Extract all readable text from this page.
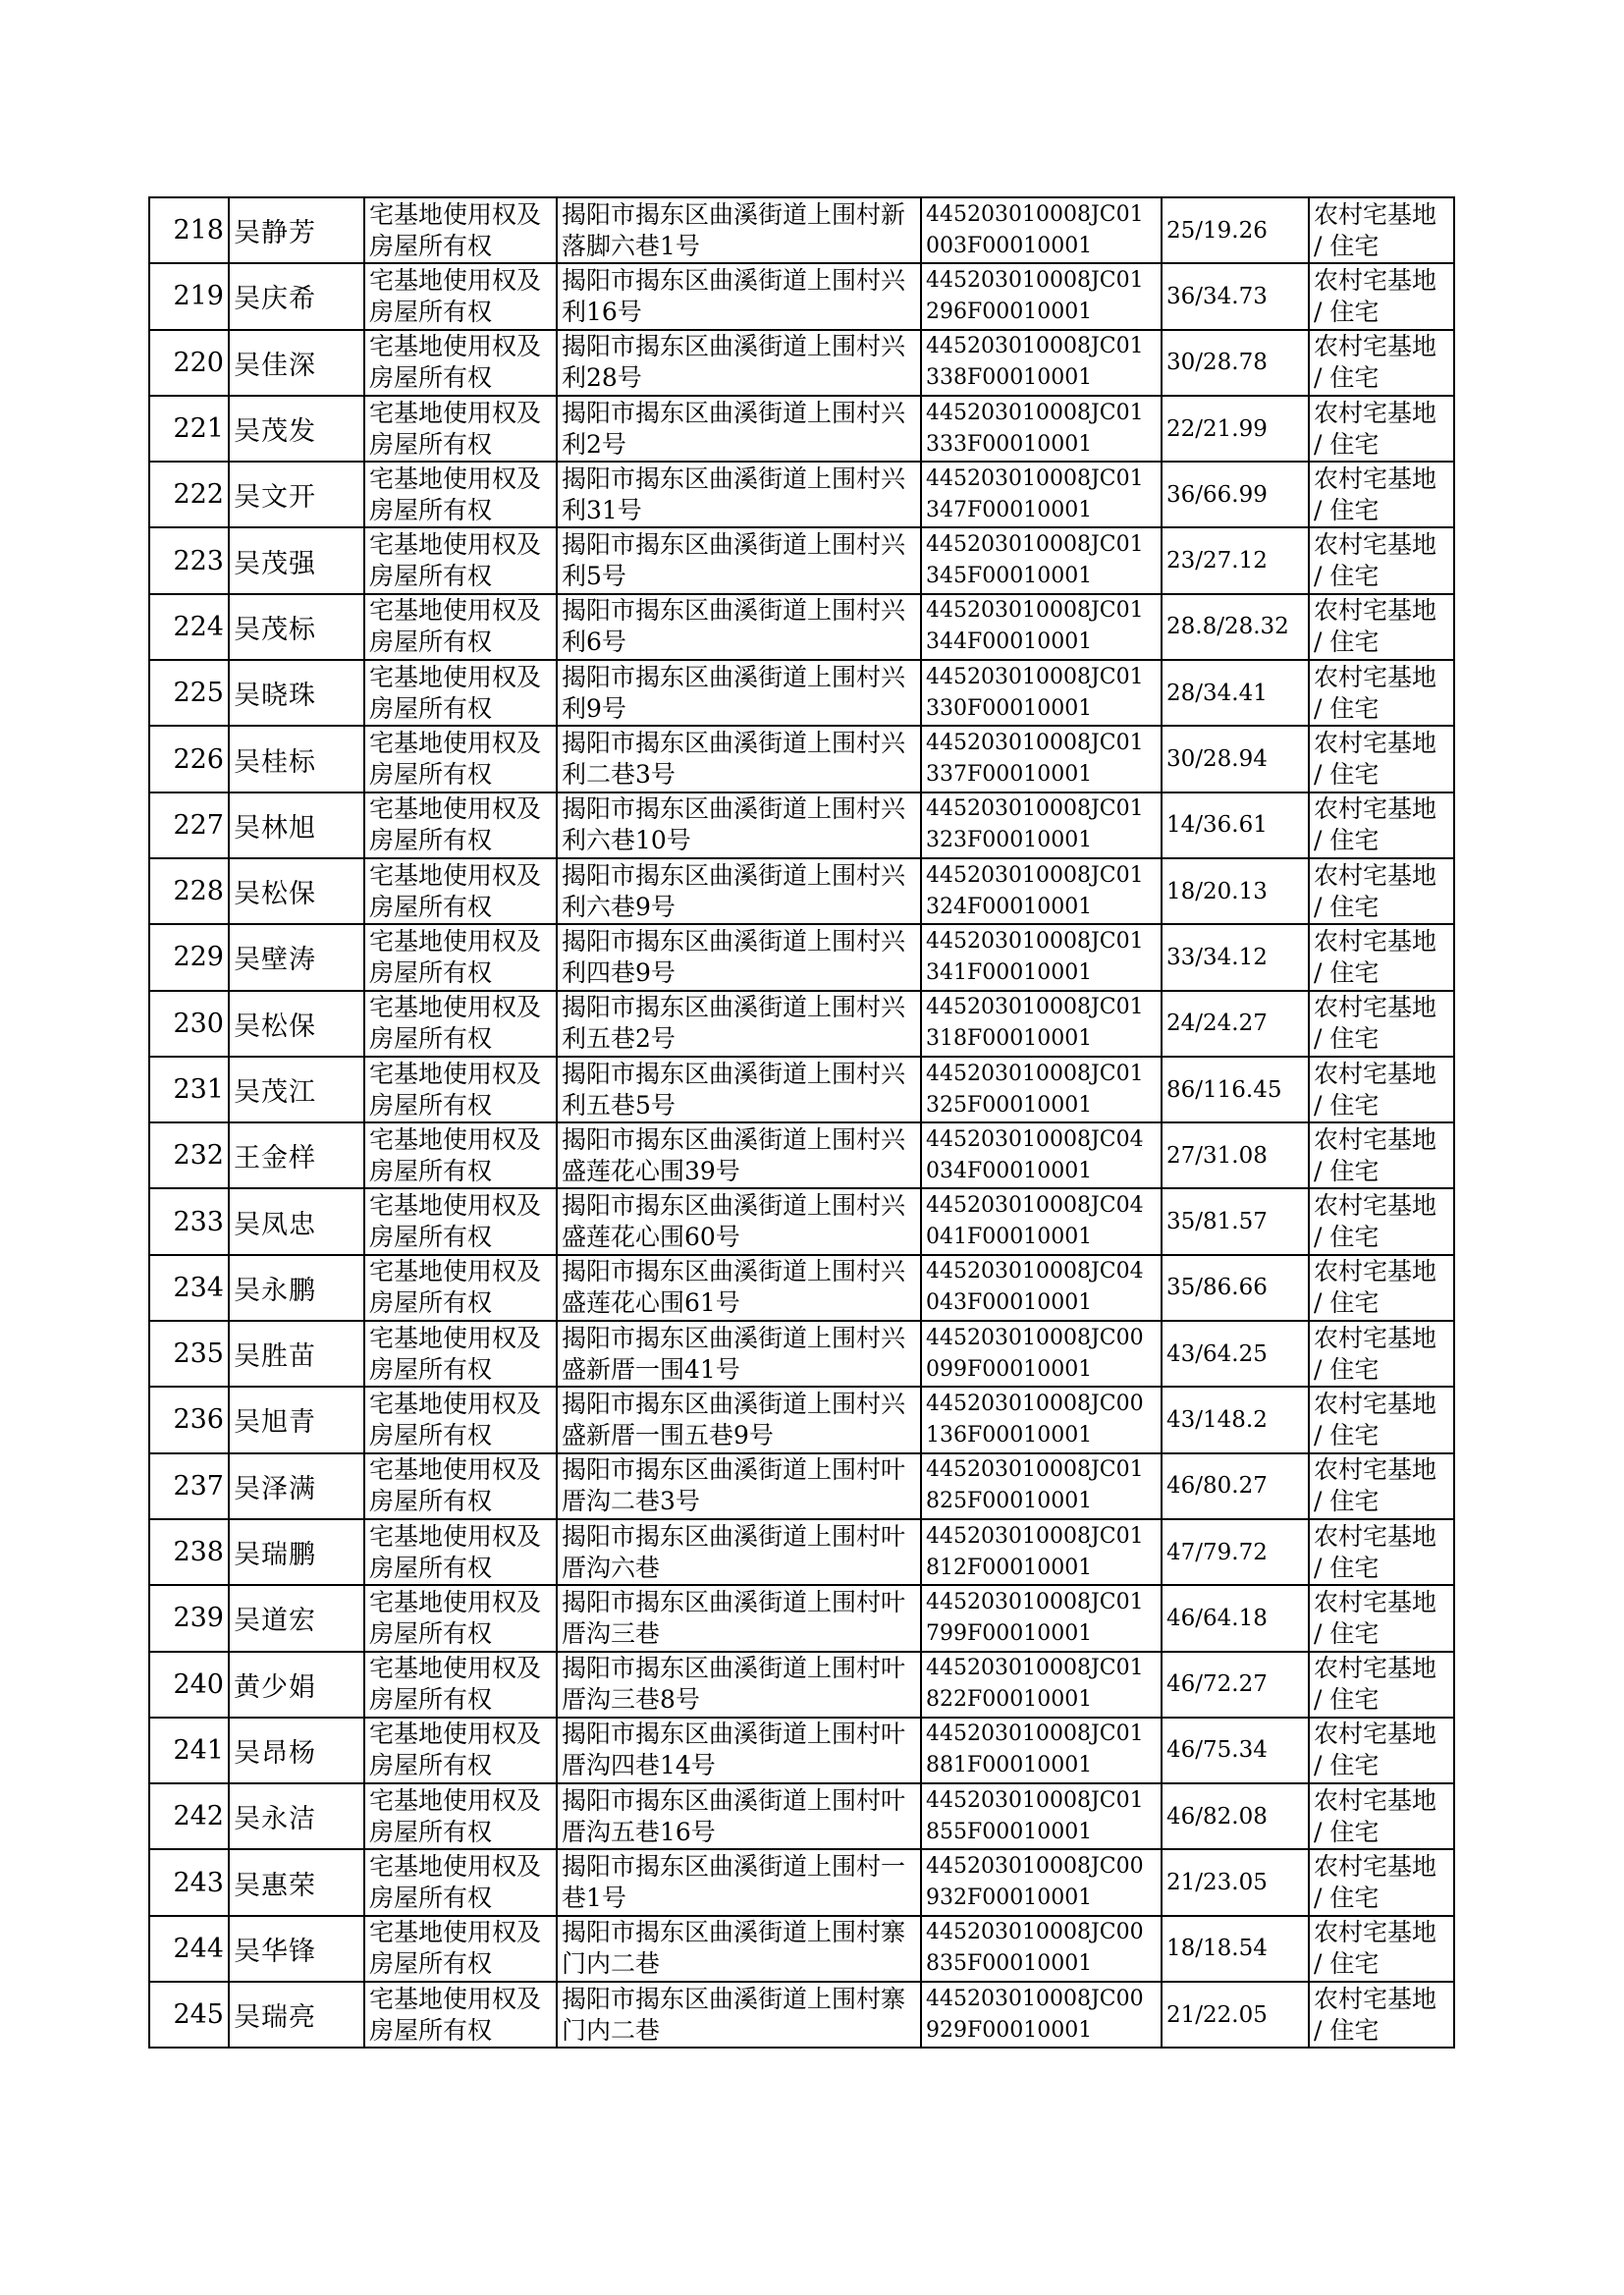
218	吴静芳	宅基地使用权及房屋所有权	揭阳市揭东区曲溪街道上围村新落脚六巷1号	445203010008JC01003F00010001	25/19.26	农村宅基地 / 住宅
219	吴庆希	宅基地使用权及房屋所有权	揭阳市揭东区曲溪街道上围村兴利16号	445203010008JC01296F00010001	36/34.73	农村宅基地 / 住宅
220	吴佳深	宅基地使用权及房屋所有权	揭阳市揭东区曲溪街道上围村兴利28号	445203010008JC01338F00010001	30/28.78	农村宅基地 / 住宅
221	吴茂发	宅基地使用权及房屋所有权	揭阳市揭东区曲溪街道上围村兴利2号	445203010008JC01333F00010001	22/21.99	农村宅基地 / 住宅
222	吴文开	宅基地使用权及房屋所有权	揭阳市揭东区曲溪街道上围村兴利31号	445203010008JC01347F00010001	36/66.99	农村宅基地 / 住宅
223	吴茂强	宅基地使用权及房屋所有权	揭阳市揭东区曲溪街道上围村兴利5号	445203010008JC01345F00010001	23/27.12	农村宅基地 / 住宅
224	吴茂标	宅基地使用权及房屋所有权	揭阳市揭东区曲溪街道上围村兴利6号	445203010008JC01344F00010001	28.8/28.32	农村宅基地 / 住宅
225	吴晓珠	宅基地使用权及房屋所有权	揭阳市揭东区曲溪街道上围村兴利9号	445203010008JC01330F00010001	28/34.41	农村宅基地 / 住宅
226	吴桂标	宅基地使用权及房屋所有权	揭阳市揭东区曲溪街道上围村兴利二巷3号	445203010008JC01337F00010001	30/28.94	农村宅基地 / 住宅
227	吴林旭	宅基地使用权及房屋所有权	揭阳市揭东区曲溪街道上围村兴利六巷10号	445203010008JC01323F00010001	14/36.61	农村宅基地 / 住宅
228	吴松保	宅基地使用权及房屋所有权	揭阳市揭东区曲溪街道上围村兴利六巷9号	445203010008JC01324F00010001	18/20.13	农村宅基地 / 住宅
229	吴壁涛	宅基地使用权及房屋所有权	揭阳市揭东区曲溪街道上围村兴利四巷9号	445203010008JC01341F00010001	33/34.12	农村宅基地 / 住宅
230	吴松保	宅基地使用权及房屋所有权	揭阳市揭东区曲溪街道上围村兴利五巷2号	445203010008JC01318F00010001	24/24.27	农村宅基地 / 住宅
231	吴茂江	宅基地使用权及房屋所有权	揭阳市揭东区曲溪街道上围村兴利五巷5号	445203010008JC01325F00010001	86/116.45	农村宅基地 / 住宅
232	王金样	宅基地使用权及房屋所有权	揭阳市揭东区曲溪街道上围村兴盛莲花心围39号	445203010008JC04034F00010001	27/31.08	农村宅基地 / 住宅
233	吴凤忠	宅基地使用权及房屋所有权	揭阳市揭东区曲溪街道上围村兴盛莲花心围60号	445203010008JC04041F00010001	35/81.57	农村宅基地 / 住宅
234	吴永鹏	宅基地使用权及房屋所有权	揭阳市揭东区曲溪街道上围村兴盛莲花心围61号	445203010008JC04043F00010001	35/86.66	农村宅基地 / 住宅
235	吴胜苗	宅基地使用权及房屋所有权	揭阳市揭东区曲溪街道上围村兴盛新厝一围41号	445203010008JC00099F00010001	43/64.25	农村宅基地 / 住宅
236	吴旭青	宅基地使用权及房屋所有权	揭阳市揭东区曲溪街道上围村兴盛新厝一围五巷9号	445203010008JC00136F00010001	43/148.2	农村宅基地 / 住宅
237	吴泽满	宅基地使用权及房屋所有权	揭阳市揭东区曲溪街道上围村叶厝沟二巷3号	445203010008JC01825F00010001	46/80.27	农村宅基地 / 住宅
238	吴瑞鹏	宅基地使用权及房屋所有权	揭阳市揭东区曲溪街道上围村叶厝沟六巷	445203010008JC01812F00010001	47/79.72	农村宅基地 / 住宅
239	吴道宏	宅基地使用权及房屋所有权	揭阳市揭东区曲溪街道上围村叶厝沟三巷	445203010008JC01799F00010001	46/64.18	农村宅基地 / 住宅
240	黄少娟	宅基地使用权及房屋所有权	揭阳市揭东区曲溪街道上围村叶厝沟三巷8号	445203010008JC01822F00010001	46/72.27	农村宅基地 / 住宅
241	吴昂杨	宅基地使用权及房屋所有权	揭阳市揭东区曲溪街道上围村叶厝沟四巷14号	445203010008JC01881F00010001	46/75.34	农村宅基地 / 住宅
242	吴永洁	宅基地使用权及房屋所有权	揭阳市揭东区曲溪街道上围村叶厝沟五巷16号	445203010008JC01855F00010001	46/82.08	农村宅基地 / 住宅
243	吴惠荣	宅基地使用权及房屋所有权	揭阳市揭东区曲溪街道上围村一巷1号	445203010008JC00932F00010001	21/23.05	农村宅基地 / 住宅
244	吴华锋	宅基地使用权及房屋所有权	揭阳市揭东区曲溪街道上围村寨门内二巷	445203010008JC00835F00010001	18/18.54	农村宅基地 / 住宅
245	吴瑞亮	宅基地使用权及房屋所有权	揭阳市揭东区曲溪街道上围村寨门内二巷	445203010008JC00929F00010001	21/22.05	农村宅基地 / 住宅
